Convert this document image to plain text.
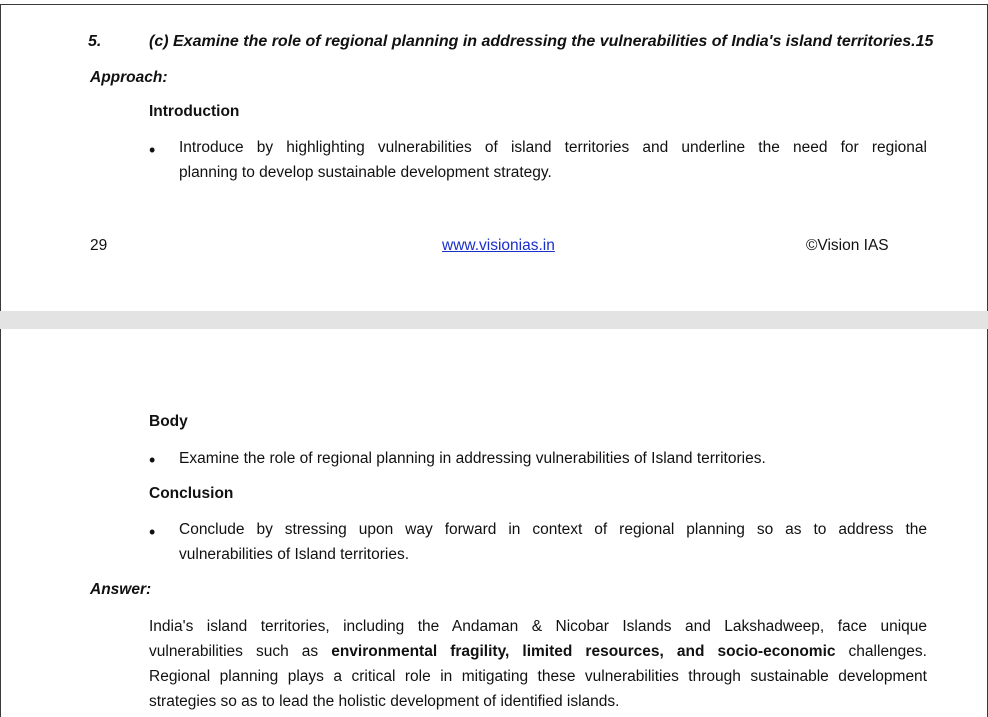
5.	(c) Examine the role of regional planning in addressing the vulnerabilities of India's island territories.15
Approach:
Introduction
• Introduce by highlighting vulnerabilities of island territories and underline the need for regional
planning to develop sustainable development strategy.
29	www.visionias.in	©Vision IAS
Body
• Examine the role of regional planning in addressing vulnerabilities of Island territories.
Conclusion
• Conclude by stressing upon way forward in context of regional planning so as to address the
vulnerabilities of Island territories.
Answer:
India's island territories, including the Andaman & Nicobar Islands and Lakshadweep, face unique
vulnerabilities such as environmental fragility, limited resources, and socio-economic challenges.
Regional planning plays a critical role in mitigating these vulnerabilities through sustainable development
strategies so as to lead the holistic development of identified islands.
